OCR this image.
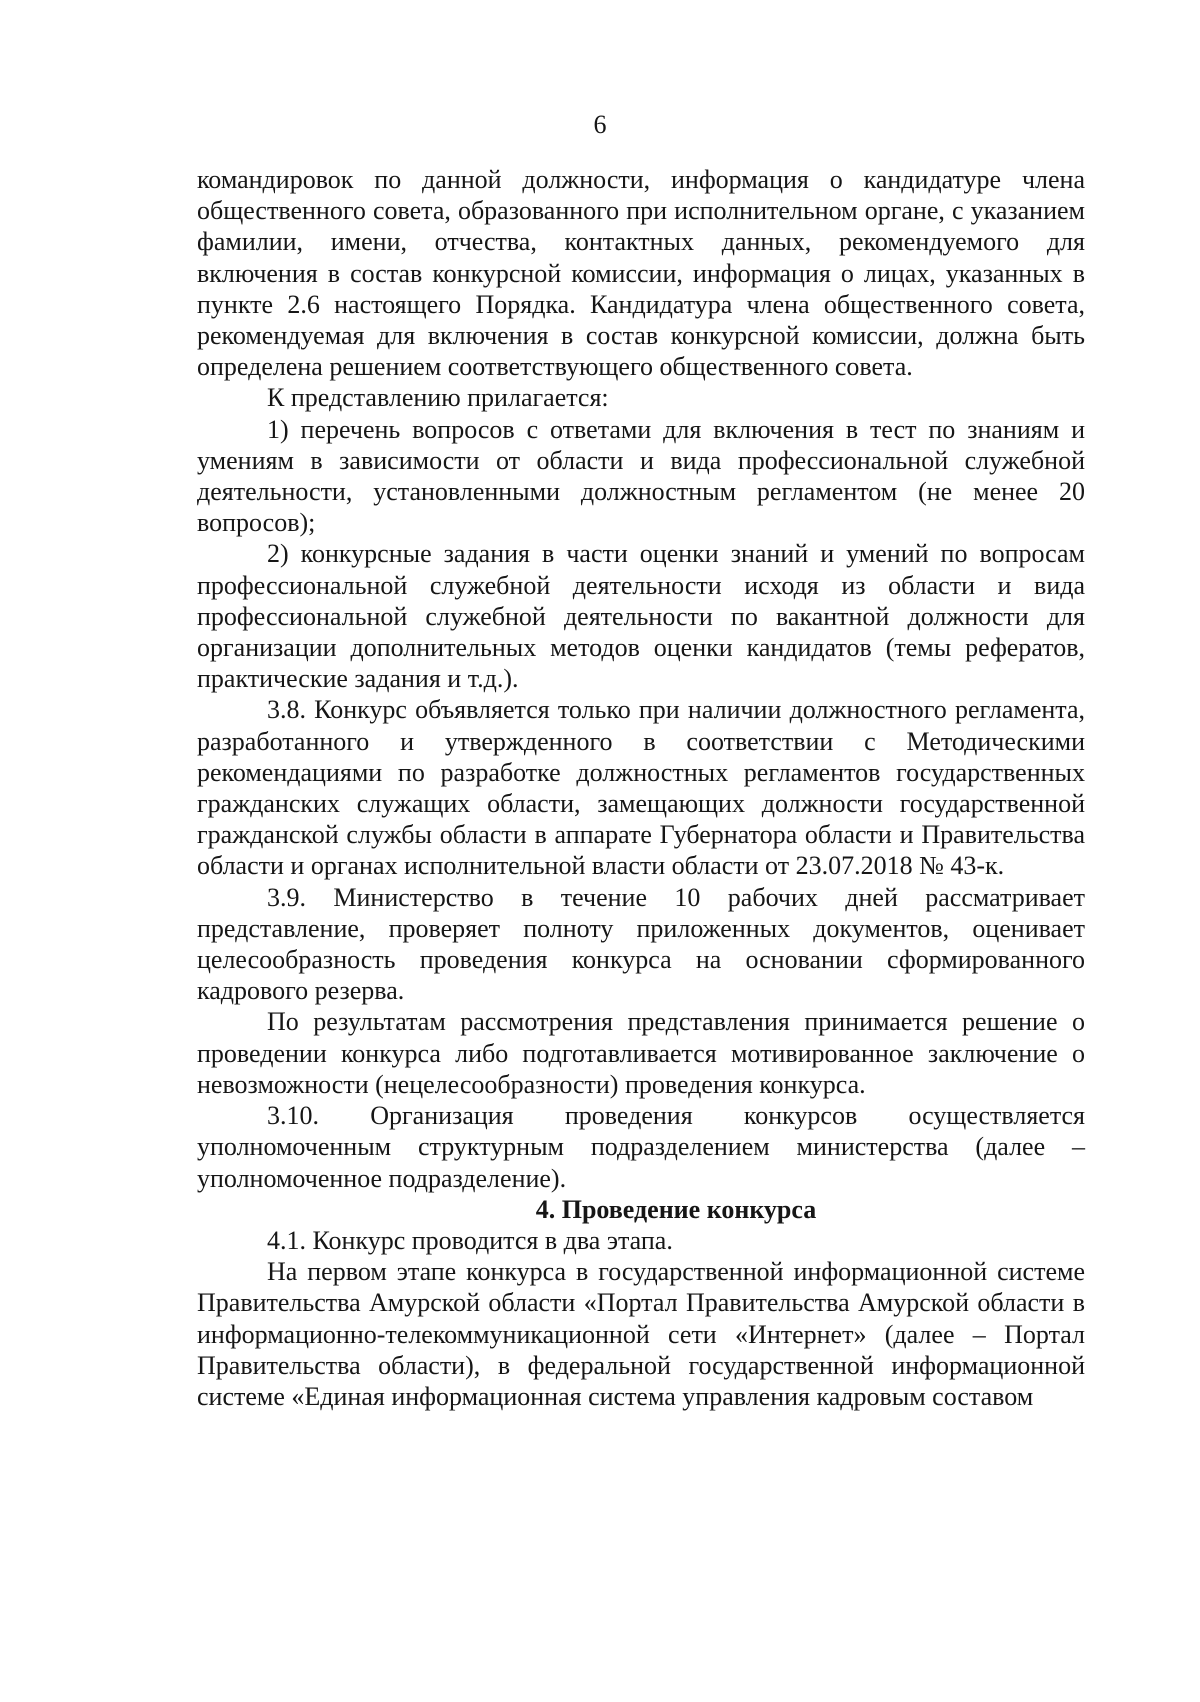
6

командировок по данной должности, информация о кандидатуре члена общественного совета, образованного при исполнительном органе, с указанием фамилии, имени, отчества, контактных данных, рекомендуемого для включения в состав конкурсной комиссии, информация о лицах, указанных в пункте 2.6 настоящего Порядка. Кандидатура члена общественного совета, рекомендуемая для включения в состав конкурсной комиссии, должна быть определена решением соответствующего общественного совета.

К представлению прилагается:

1) перечень вопросов с ответами для включения в тест по знаниям и умениям в зависимости от области и вида профессиональной служебной деятельности, установленными должностным регламентом (не менее 20 вопросов);

2) конкурсные задания в части оценки знаний и умений по вопросам профессиональной служебной деятельности исходя из области и вида профессиональной служебной деятельности по вакантной должности для организации дополнительных методов оценки кандидатов (темы рефератов, практические задания и т.д.).

3.8. Конкурс объявляется только при наличии должностного регламента, разработанного и утвержденного в соответствии с Методическими рекомендациями по разработке должностных регламентов государственных гражданских служащих области, замещающих должности государственной гражданской службы области в аппарате Губернатора области и Правительства области и органах исполнительной власти области от 23.07.2018 № 43-к.

3.9. Министерство в течение 10 рабочих дней рассматривает представление, проверяет полноту приложенных документов, оценивает целесообразность проведения конкурса на основании сформированного кадрового резерва.

По результатам рассмотрения представления принимается решение о проведении конкурса либо подготавливается мотивированное заключение о невозможности (нецелесообразности) проведения конкурса.

3.10. Организация проведения конкурсов осуществляется уполномоченным структурным подразделением министерства (далее – уполномоченное подразделение).

4. Проведение конкурса

4.1. Конкурс проводится в два этапа.

На первом этапе конкурса в государственной информационной системе Правительства Амурской области «Портал Правительства Амурской области в информационно-телекоммуникационной сети «Интернет» (далее – Портал Правительства области), в федеральной государственной информационной системе «Единая информационная система управления кадровым составом
